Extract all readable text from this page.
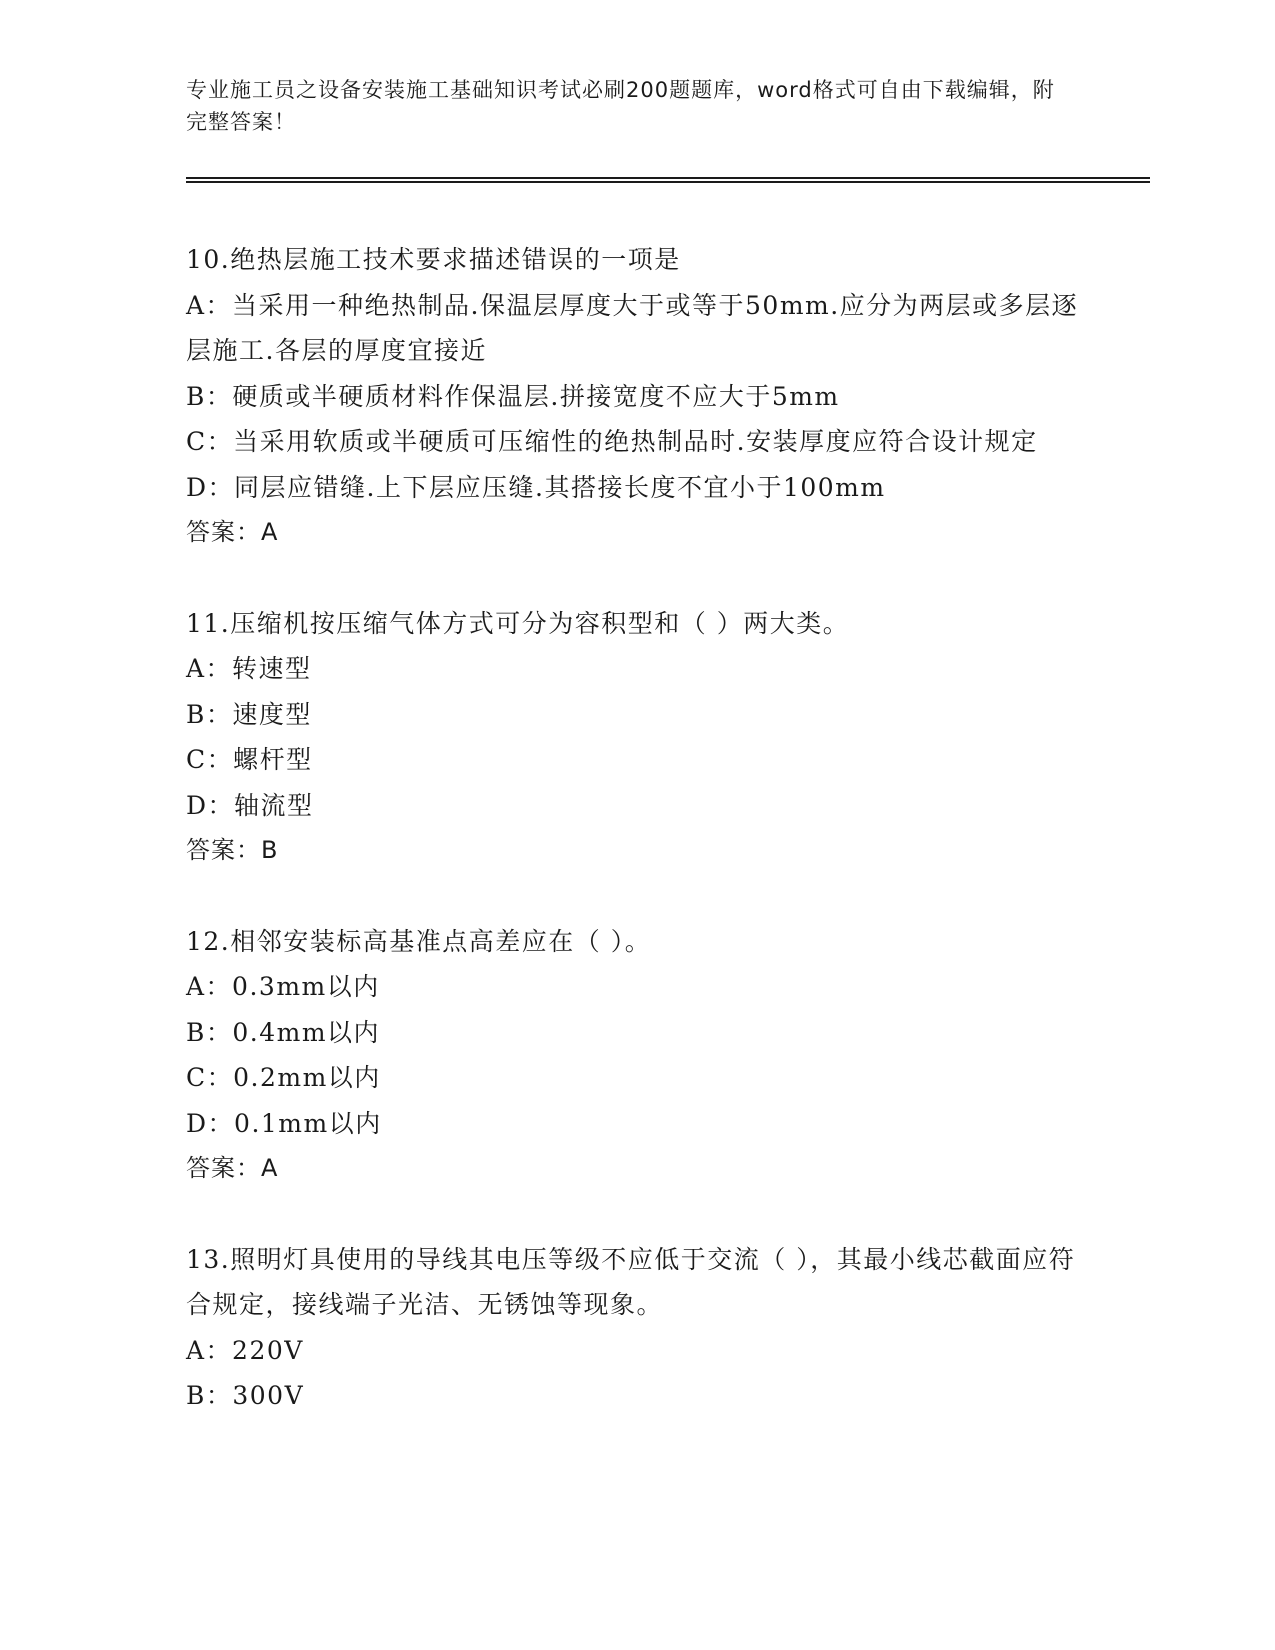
专业施工员之设备安装施工基础知识考试必刷200题题库，word格式可自由下载编辑，附完整答案！
10.绝热层施工技术要求描述错误的一项是
A：当采用一种绝热制品.保温层厚度大于或等于50mm.应分为两层或多层逐层施工.各层的厚度宜接近
B：硬质或半硬质材料作保温层.拼接宽度不应大于5mm
C：当采用软质或半硬质可压缩性的绝热制品时.安装厚度应符合设计规定
D：同层应错缝.上下层应压缝.其搭接长度不宜小于100mm
答案：A
11.压缩机按压缩气体方式可分为容积型和（ ）两大类。
A：转速型
B：速度型
C：螺杆型
D：轴流型
答案：B
12.相邻安装标高基准点高差应在（ ）。
A：0.3mm以内
B：0.4mm以内
C：0.2mm以内
D：0.1mm以内
答案：A
13.照明灯具使用的导线其电压等级不应低于交流（ ），其最小线芯截面应符合规定，接线端子光洁、无锈蚀等现象。
A：220V
B：300V
